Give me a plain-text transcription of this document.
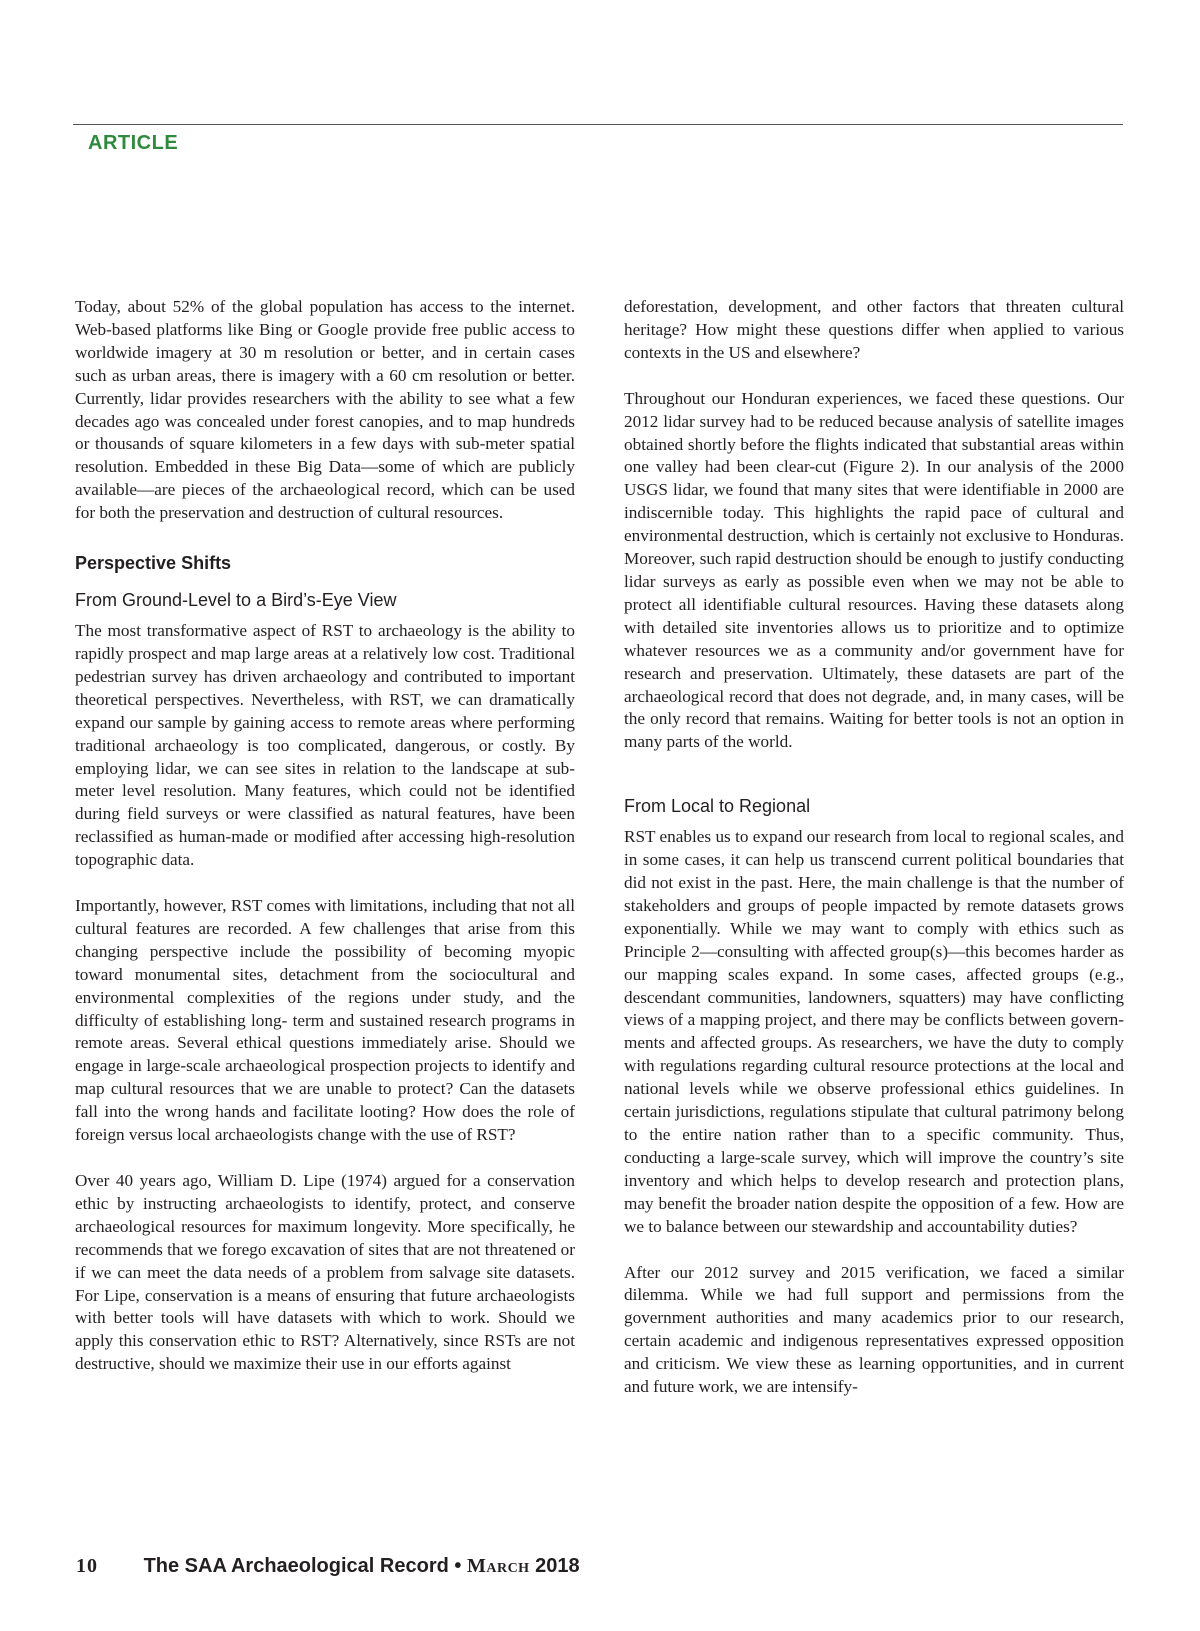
ARTICLE

Today, about 52% of the global population has access to the internet. Web-based platforms like Bing or Google provide free public access to worldwide imagery at 30 m resolution or better, and in certain cases such as urban areas, there is imagery with a 60 cm resolution or better. Currently, lidar provides researchers with the ability to see what a few decades ago was concealed under forest canopies, and to map hundreds or thousands of square kilometers in a few days with sub-meter spatial resolution. Embedded in these Big Data—some of which are publicly available—are pieces of the archaeological record, which can be used for both the preservation and destruction of cultural resources.

Perspective Shifts
From Ground-Level to a Bird’s-Eye View

The most transformative aspect of RST to archaeology is the ability to rapidly prospect and map large areas at a relatively low cost. Traditional pedestrian survey has driven archaeology and contributed to important theoretical perspectives. Nevertheless, with RST, we can dramatically expand our sample by gaining access to remote areas where performing traditional archaeology is too complicated, dangerous, or costly. By employing lidar, we can see sites in relation to the landscape at sub-meter level resolution. Many features, which could not be identified during field surveys or were classified as natural features, have been reclassified as human-made or modified after accessing high-resolution topographic data.

Importantly, however, RST comes with limitations, including that not all cultural features are recorded. A few challenges that arise from this changing perspective include the possibility of becoming myopic toward monumental sites, detachment from the sociocultural and environmental complexities of the regions under study, and the difficulty of establishing long- term and sustained research programs in remote areas. Several ethical questions immediately arise. Should we engage in large-scale archaeological prospection projects to identify and map cultural resources that we are unable to protect? Can the datasets fall into the wrong hands and facilitate looting? How does the role of foreign versus local archaeologists change with the use of RST?

Over 40 years ago, William D. Lipe (1974) argued for a conservation ethic by instructing archaeologists to identify, protect, and conserve archaeological resources for maximum longevity. More specifically, he recommends that we forego excavation of sites that are not threatened or if we can meet the data needs of a problem from salvage site datasets. For Lipe, conservation is a means of ensuring that future archaeologists with better tools will have datasets with which to work. Should we apply this conservation ethic to RST? Alternatively, since RSTs are not destructive, should we maximize their use in our efforts against

deforestation, development, and other factors that threaten cultural heritage? How might these questions differ when applied to various contexts in the US and elsewhere?

Throughout our Honduran experiences, we faced these questions. Our 2012 lidar survey had to be reduced because analysis of satellite images obtained shortly before the flights indicated that substantial areas within one valley had been clear-cut (Figure 2). In our analysis of the 2000 USGS lidar, we found that many sites that were identifiable in 2000 are indiscernible today. This highlights the rapid pace of cultural and environmental destruction, which is certainly not exclusive to Honduras. Moreover, such rapid destruction should be enough to justify conducting lidar surveys as early as possible even when we may not be able to protect all identifiable cultural resources. Having these datasets along with detailed site inventories allows us to prioritize and to optimize whatever resources we as a community and/or government have for research and preservation. Ultimately, these datasets are part of the archaeological record that does not degrade, and, in many cases, will be the only record that remains. Waiting for better tools is not an option in many parts of the world.

From Local to Regional

RST enables us to expand our research from local to regional scales, and in some cases, it can help us transcend current political boundaries that did not exist in the past. Here, the main challenge is that the number of stakeholders and groups of people impacted by remote datasets grows exponentially. While we may want to comply with ethics such as Principle 2—consulting with affected group(s)—this becomes harder as our mapping scales expand. In some cases, affected groups (e.g., descendant communities, landowners, squatters) may have conflicting views of a mapping project, and there may be conflicts between governments and affected groups. As researchers, we have the duty to comply with regulations regarding cultural resource protections at the local and national levels while we observe professional ethics guidelines. In certain jurisdictions, regulations stipulate that cultural patrimony belong to the entire nation rather than to a specific community. Thus, conducting a large-scale survey, which will improve the country’s site inventory and which helps to develop research and protection plans, may benefit the broader nation despite the opposition of a few. How are we to balance between our stewardship and accountability duties?

After our 2012 survey and 2015 verification, we faced a similar dilemma. While we had full support and permissions from the government authorities and many academics prior to our research, certain academic and indigenous representatives expressed opposition and criticism. We view these as learning opportunities, and in current and future work, we are intensify-

10 The SAA Archaeological Record • March 2018
